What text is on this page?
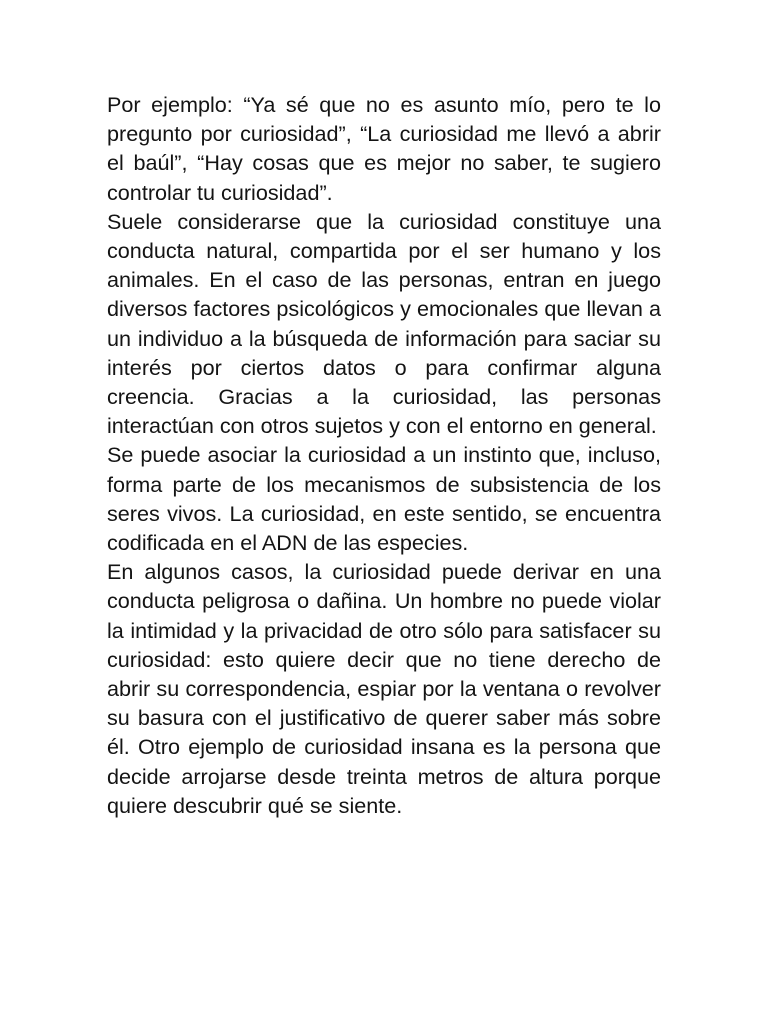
Por ejemplo: “Ya sé que no es asunto mío, pero te lo pregunto por curiosidad”, “La curiosidad me llevó a abrir el baúl”, “Hay cosas que es mejor no saber, te sugiero controlar tu curiosidad”.

Suele considerarse que la curiosidad constituye una conducta natural, compartida por el ser humano y los animales. En el caso de las personas, entran en juego diversos factores psicológicos y emocionales que llevan a un individuo a la búsqueda de información para saciar su interés por ciertos datos o para confirmar alguna creencia. Gracias a la curiosidad, las personas interactúan con otros sujetos y con el entorno en general.

Se puede asociar la curiosidad a un instinto que, incluso, forma parte de los mecanismos de subsistencia de los seres vivos. La curiosidad, en este sentido, se encuentra codificada en el ADN de las especies.

En algunos casos, la curiosidad puede derivar en una conducta peligrosa o dañina. Un hombre no puede violar la intimidad y la privacidad de otro sólo para satisfacer su curiosidad: esto quiere decir que no tiene derecho de abrir su correspondencia, espiar por la ventana o revolver su basura con el justificativo de querer saber más sobre él. Otro ejemplo de curiosidad insana es la persona que decide arrojarse desde treinta metros de altura porque quiere descubrir qué se siente.
